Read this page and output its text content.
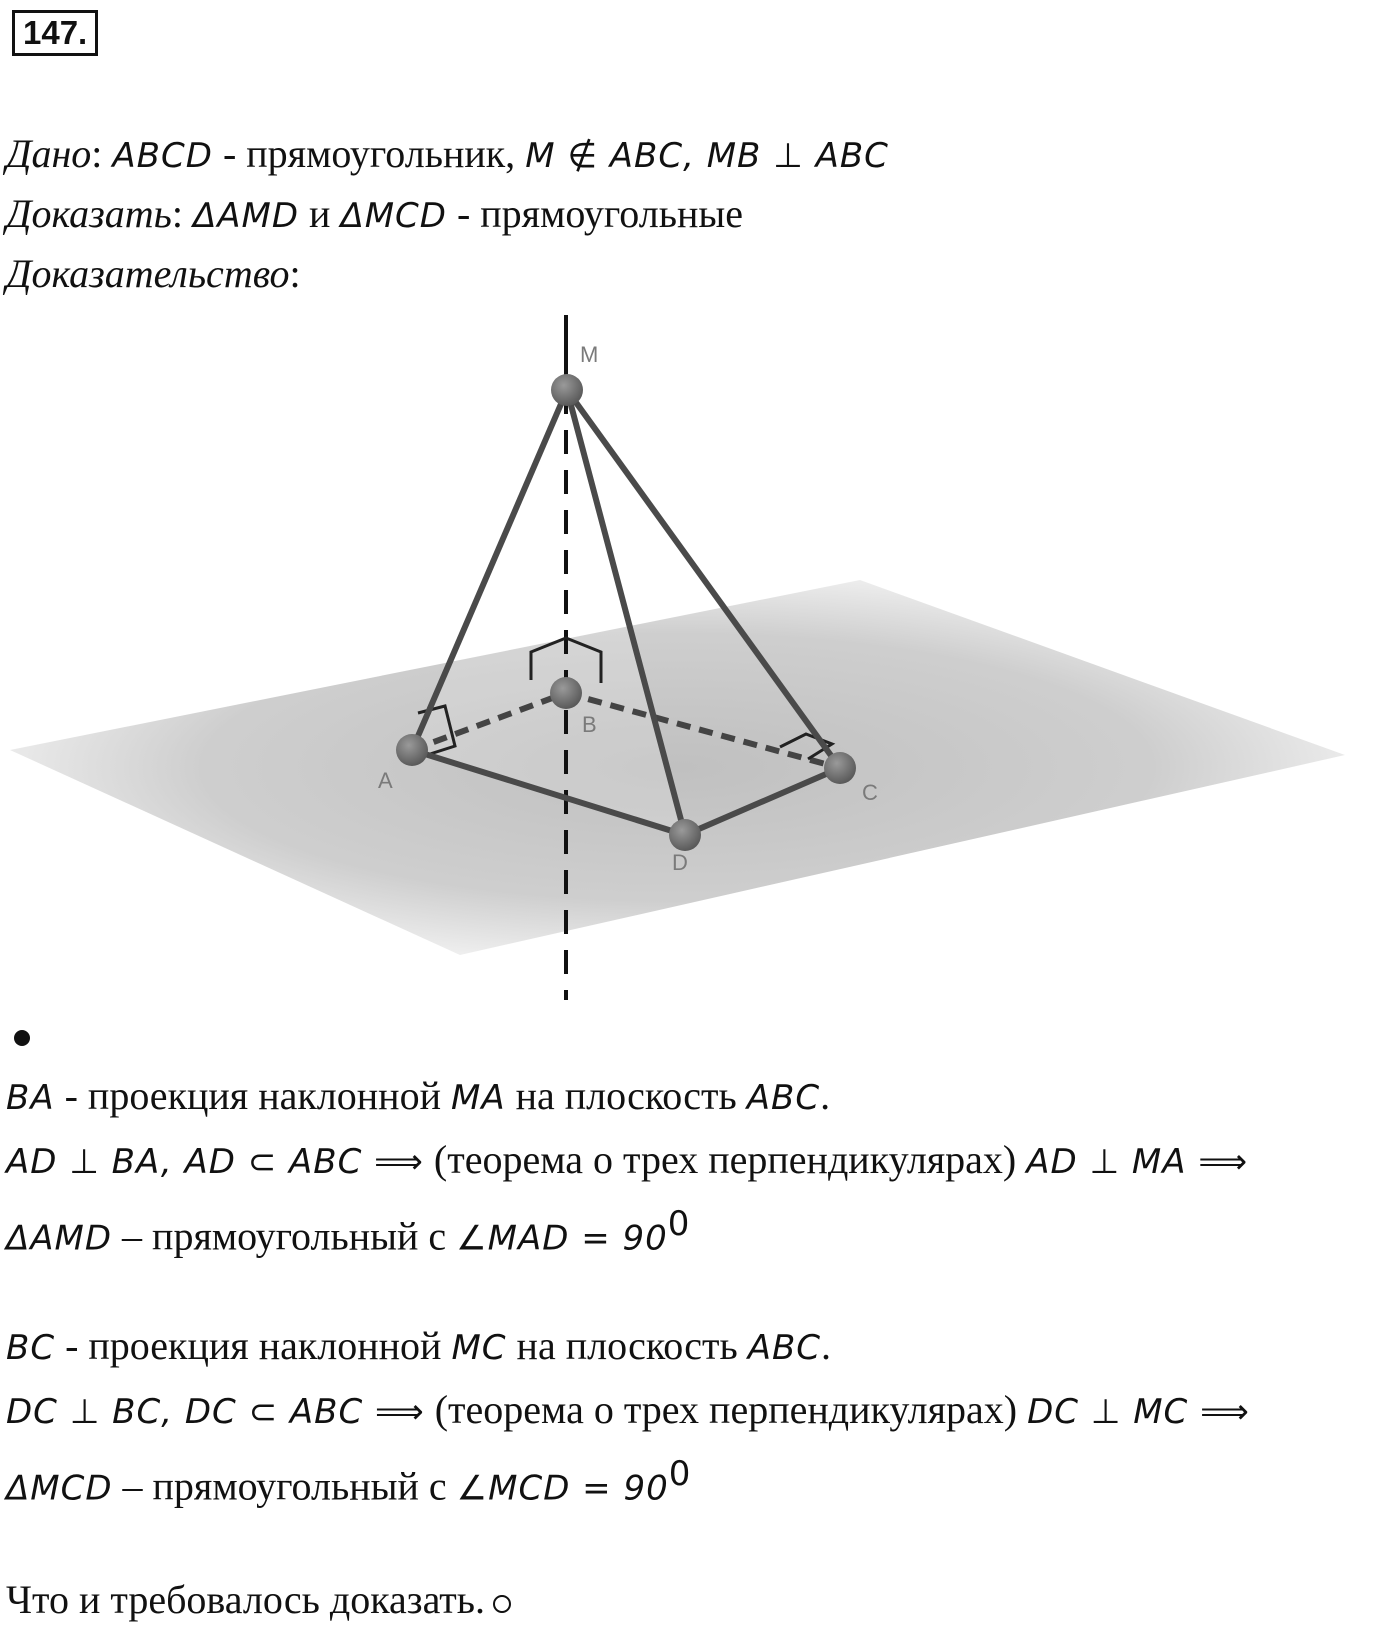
147.
Дано: ABCD - прямоугольник, M ∉ ABC, MB ⊥ ABC
Доказать: ΔAMD и ΔMCD - прямоугольные
Доказательство:
M
A
B
C
D
BA - проекция наклонной MA на плоскость ABC.
AD ⊥ BA, AD ⊂ ABC ⟹ (теорема о трех перпендикулярах) AD ⊥ MA ⟹
ΔAMD – прямоугольный с ∠MAD = $90^0$
BC - проекция наклонной MC на плоскость ABC.
DC ⊥ BC, DC ⊂ ABC ⟹ (теорема о трех перпендикулярах) DC ⊥ MC ⟹
ΔMCD – прямоугольный с ∠MCD = $90^0$
Что и требовалось доказать.
